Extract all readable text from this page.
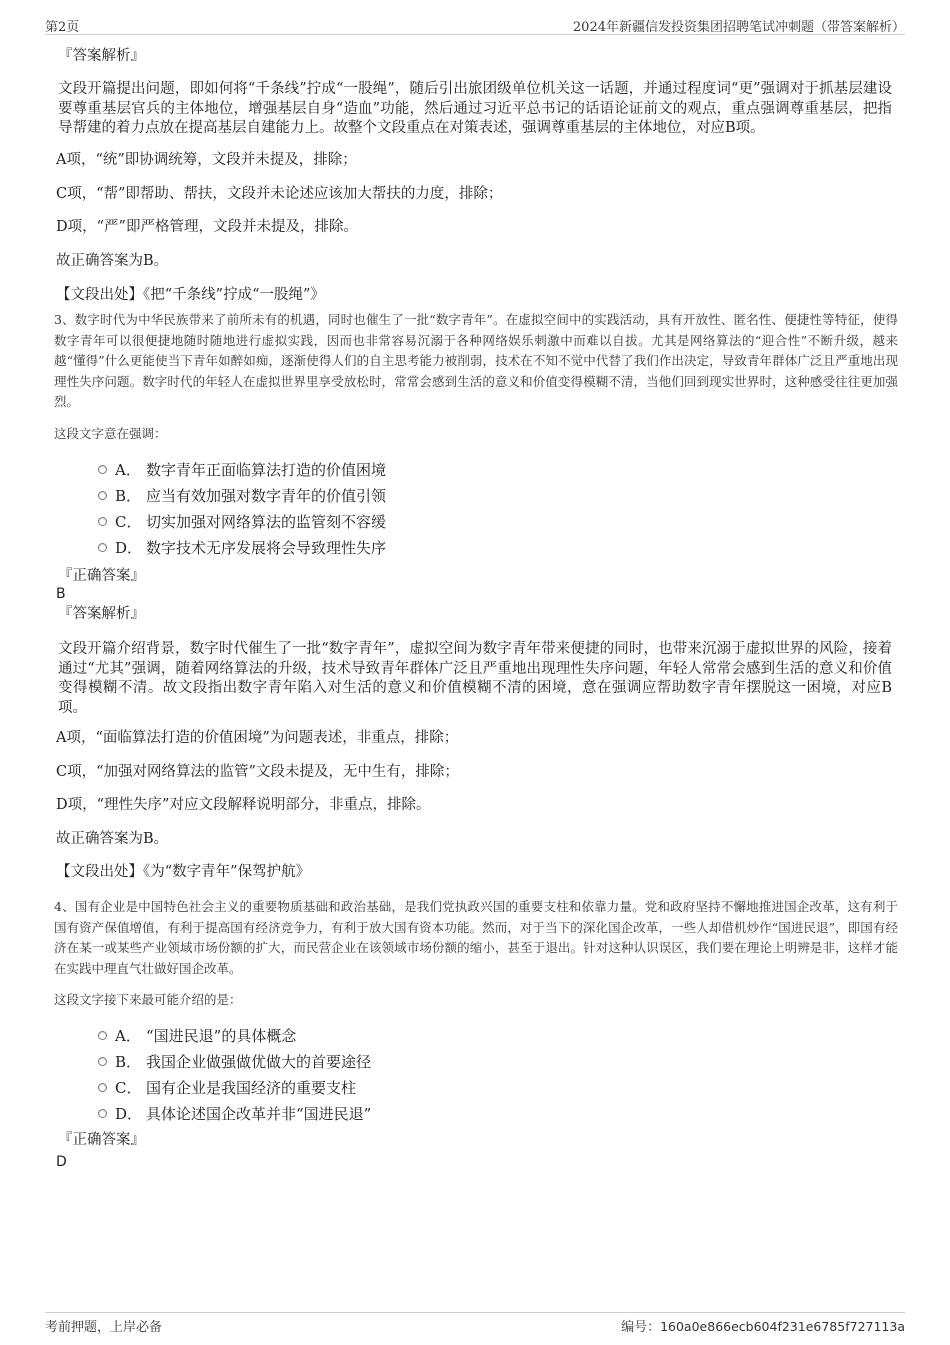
第2页	2024年新疆信发投资集团招聘笔试冲刺题（带答案解析）
『答案解析』

文段开篇提出问题，即如何将“千条线”拧成“一股绳”，随后引出旅团级单位机关这一话题，并通过程度词“更”强调对于抓基层建设要尊重基层官兵的主体地位，增强基层自身“造血”功能，然后通过习近平总书记的话语论证前文的观点，重点强调尊重基层，把指导帮建的着力点放在提高基层自建能力上。故整个文段重点在对策表述，强调尊重基层的主体地位，对应B项。

A项，“统”即协调统筹，文段并未提及，排除；
C项，“帮”即帮助、帮扶，文段并未论述应该加大帮扶的力度，排除；
D项，“严”即严格管理，文段并未提及，排除。
故正确答案为B。
【文段出处】《把“千条线”拧成“一股绳”》

3、数字时代为中华民族带来了前所未有的机遇，同时也催生了一批“数字青年”。在虚拟空间中的实践活动，具有开放性、匿名性、便捷性等特征，使得数字青年可以很便捷地随时随地进行虚拟实践，因而也非常容易沉溺于各种网络娱乐刺激中而难以自拔。尤其是网络算法的“迎合性”不断升级，越来越“懂得”什么更能使当下青年如醉如痴，逐渐使得人们的自主思考能力被削弱，技术在不知不觉中代替了我们作出决定，导致青年群体广泛且严重地出现理性失序问题。数字时代的年轻人在虚拟世界里享受放松时，常常会感到生活的意义和价值变得模糊不清，当他们回到现实世界时，这种感受往往更加强烈。

这段文字意在强调：
A． 数字青年正面临算法打造的价值困境
B． 应当有效加强对数字青年的价值引领
C． 切实加强对网络算法的监管刻不容缓
D． 数字技术无序发展将会导致理性失序
『正确答案』
B
『答案解析』

文段开篇介绍背景，数字时代催生了一批“数字青年”，虚拟空间为数字青年带来便捷的同时，也带来沉溺于虚拟世界的风险，接着通过“尤其”强调，随着网络算法的升级，技术导致青年群体广泛且严重地出现理性失序问题，年轻人常常会感到生活的意义和价值变得模糊不清。故文段指出数字青年陷入对生活的意义和价值模糊不清的困境，意在强调应帮助数字青年摆脱这一困境，对应B项。

A项，“面临算法打造的价值困境”为问题表述，非重点，排除；
C项，“加强对网络算法的监管”文段未提及，无中生有，排除；
D项，“理性失序”对应文段解释说明部分，非重点，排除。
故正确答案为B。
【文段出处】《为“数字青年”保驾护航》

4、国有企业是中国特色社会主义的重要物质基础和政治基础，是我们党执政兴国的重要支柱和依靠力量。党和政府坚持不懈地推进国企改革，这有利于国有资产保值增值，有利于提高国有经济竞争力，有利于放大国有资本功能。然而，对于当下的深化国企改革，一些人却借机炒作“国进民退”，即国有经济在某一或某些产业领域市场份额的扩大，而民营企业在该领域市场份额的缩小，甚至于退出。针对这种认识误区，我们要在理论上明辨是非，这样才能在实践中理直气壮做好国企改革。

这段文字接下来最可能介绍的是：
A． “国进民退”的具体概念
B． 我国企业做强做优做大的首要途径
C． 国有企业是我国经济的重要支柱
D． 具体论述国企改革并非“国进民退”
『正确答案』
D
考前押题，上岸必备	编号：160a0e866ecb604f231e6785f727113a
